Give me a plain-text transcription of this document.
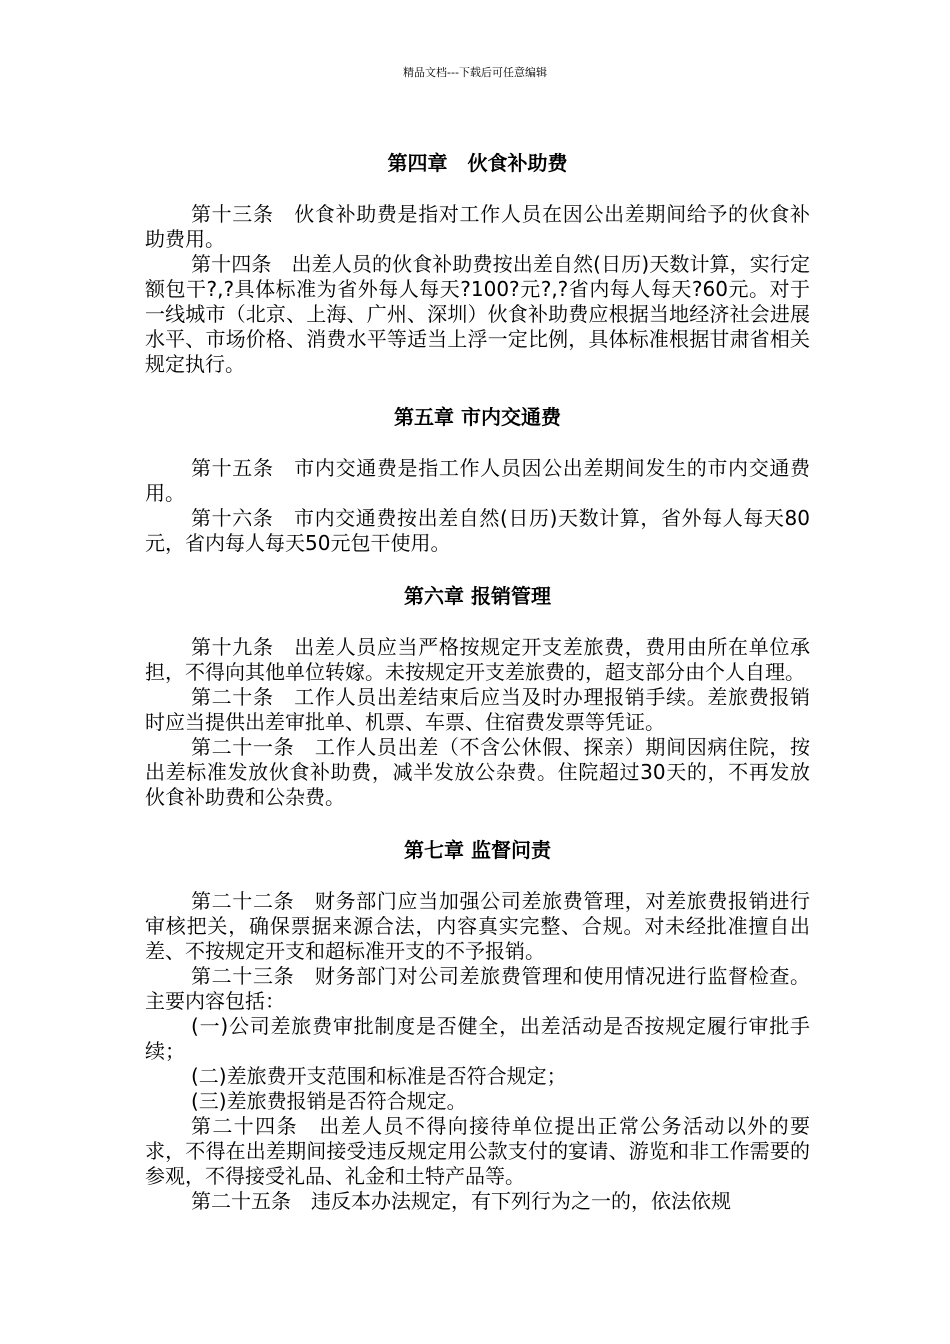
精品文档---下载后可任意编辑
第四章　伙食补助费

第十三条　伙食补助费是指对工作人员在因公出差期间给予的伙食补助费用。

第十四条　出差人员的伙食补助费按出差自然(日历)天数计算，实行定额包干?,?具体标准为省外每人每天?100?元?,?省内每人每天?60元。对于一线城市（北京、上海、广州、深圳）伙食补助费应根据当地经济社会进展水平、市场价格、消费水平等适当上浮一定比例，具体标准根据甘肃省相关规定执行。

第五章 市内交通费

第十五条　市内交通费是指工作人员因公出差期间发生的市内交通费用。

第十六条　市内交通费按出差自然(日历)天数计算，省外每人每天80元，省内每人每天50元包干使用。

第六章 报销管理

第十九条　出差人员应当严格按规定开支差旅费，费用由所在单位承担，不得向其他单位转嫁。未按规定开支差旅费的，超支部分由个人自理。

第二十条　工作人员出差结束后应当及时办理报销手续。差旅费报销时应当提供出差审批单、机票、车票、住宿费发票等凭证。

第二十一条　工作人员出差（不含公休假、探亲）期间因病住院，按出差标准发放伙食补助费，减半发放公杂费。住院超过30天的，不再发放伙食补助费和公杂费。

第七章 监督问责

第二十二条　财务部门应当加强公司差旅费管理，对差旅费报销进行审核把关，确保票据来源合法，内容真实完整、合规。对未经批准擅自出差、不按规定开支和超标准开支的不予报销。

第二十三条　财务部门对公司差旅费管理和使用情况进行监督检查。主要内容包括：

(一)公司差旅费审批制度是否健全，出差活动是否按规定履行审批手续；

(二)差旅费开支范围和标准是否符合规定；

(三)差旅费报销是否符合规定。

第二十四条　出差人员不得向接待单位提出正常公务活动以外的要求，不得在出差期间接受违反规定用公款支付的宴请、游览和非工作需要的参观，不得接受礼品、礼金和土特产品等。

第二十五条　违反本办法规定，有下列行为之一的，依法依规
